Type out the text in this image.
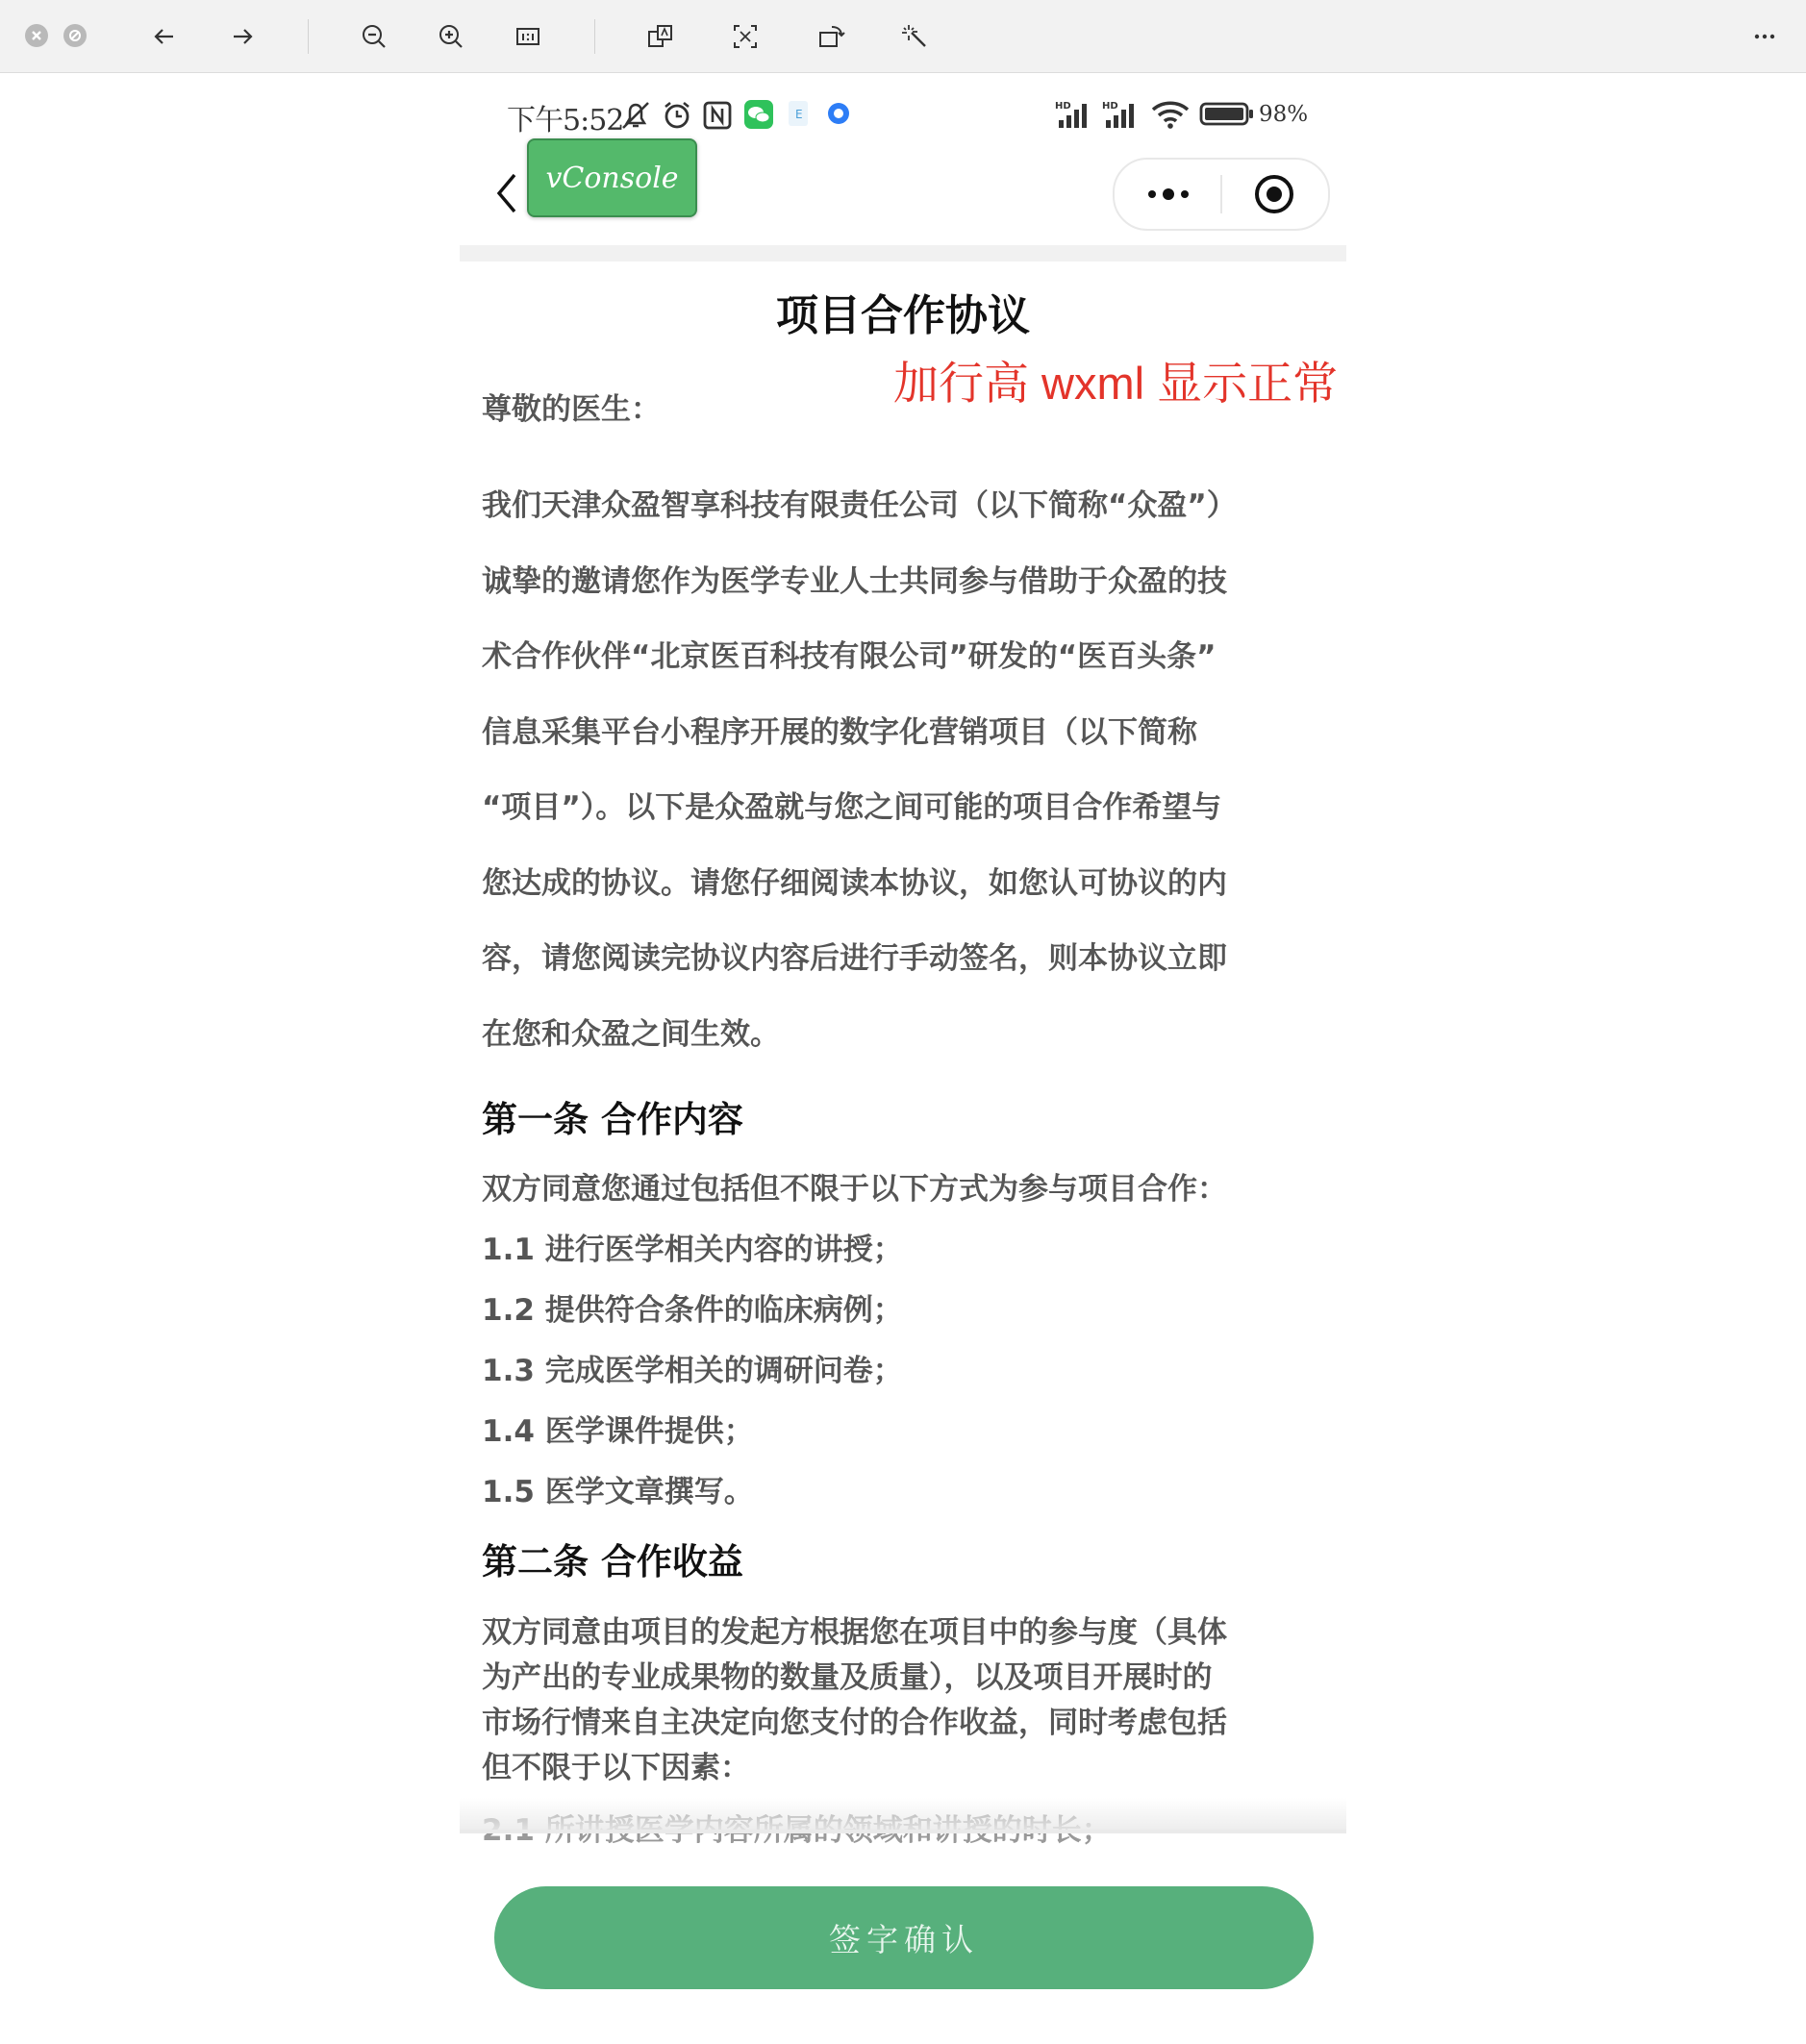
下午5:52	E
HD	HD	98%
vConsole
项目合作协议
加行高 wxml 显示正常
尊敬的医生：
我们天津众盈智享科技有限责任公司（以下简称“众盈”）
诚挚的邀请您作为医学专业人士共同参与借助于众盈的技
术合作伙伴“北京医百科技有限公司”研发的“医百头条”
信息采集平台小程序开展的数字化营销项目（以下简称
“项目”）。以下是众盈就与您之间可能的项目合作希望与
您达成的协议。请您仔细阅读本协议，如您认可协议的内
容，请您阅读完协议内容后进行手动签名，则本协议立即
在您和众盈之间生效。
第一条 合作内容
双方同意您通过包括但不限于以下方式为参与项目合作：
1.1 进行医学相关内容的讲授；
1.2 提供符合条件的临床病例；
1.3 完成医学相关的调研问卷；
1.4 医学课件提供；
1.5 医学文章撰写。
第二条 合作收益
双方同意由项目的发起方根据您在项目中的参与度（具体
为产出的专业成果物的数量及质量），以及项目开展时的
市场行情来自主决定向您支付的合作收益，同时考虑包括
但不限于以下因素：
签字确认
